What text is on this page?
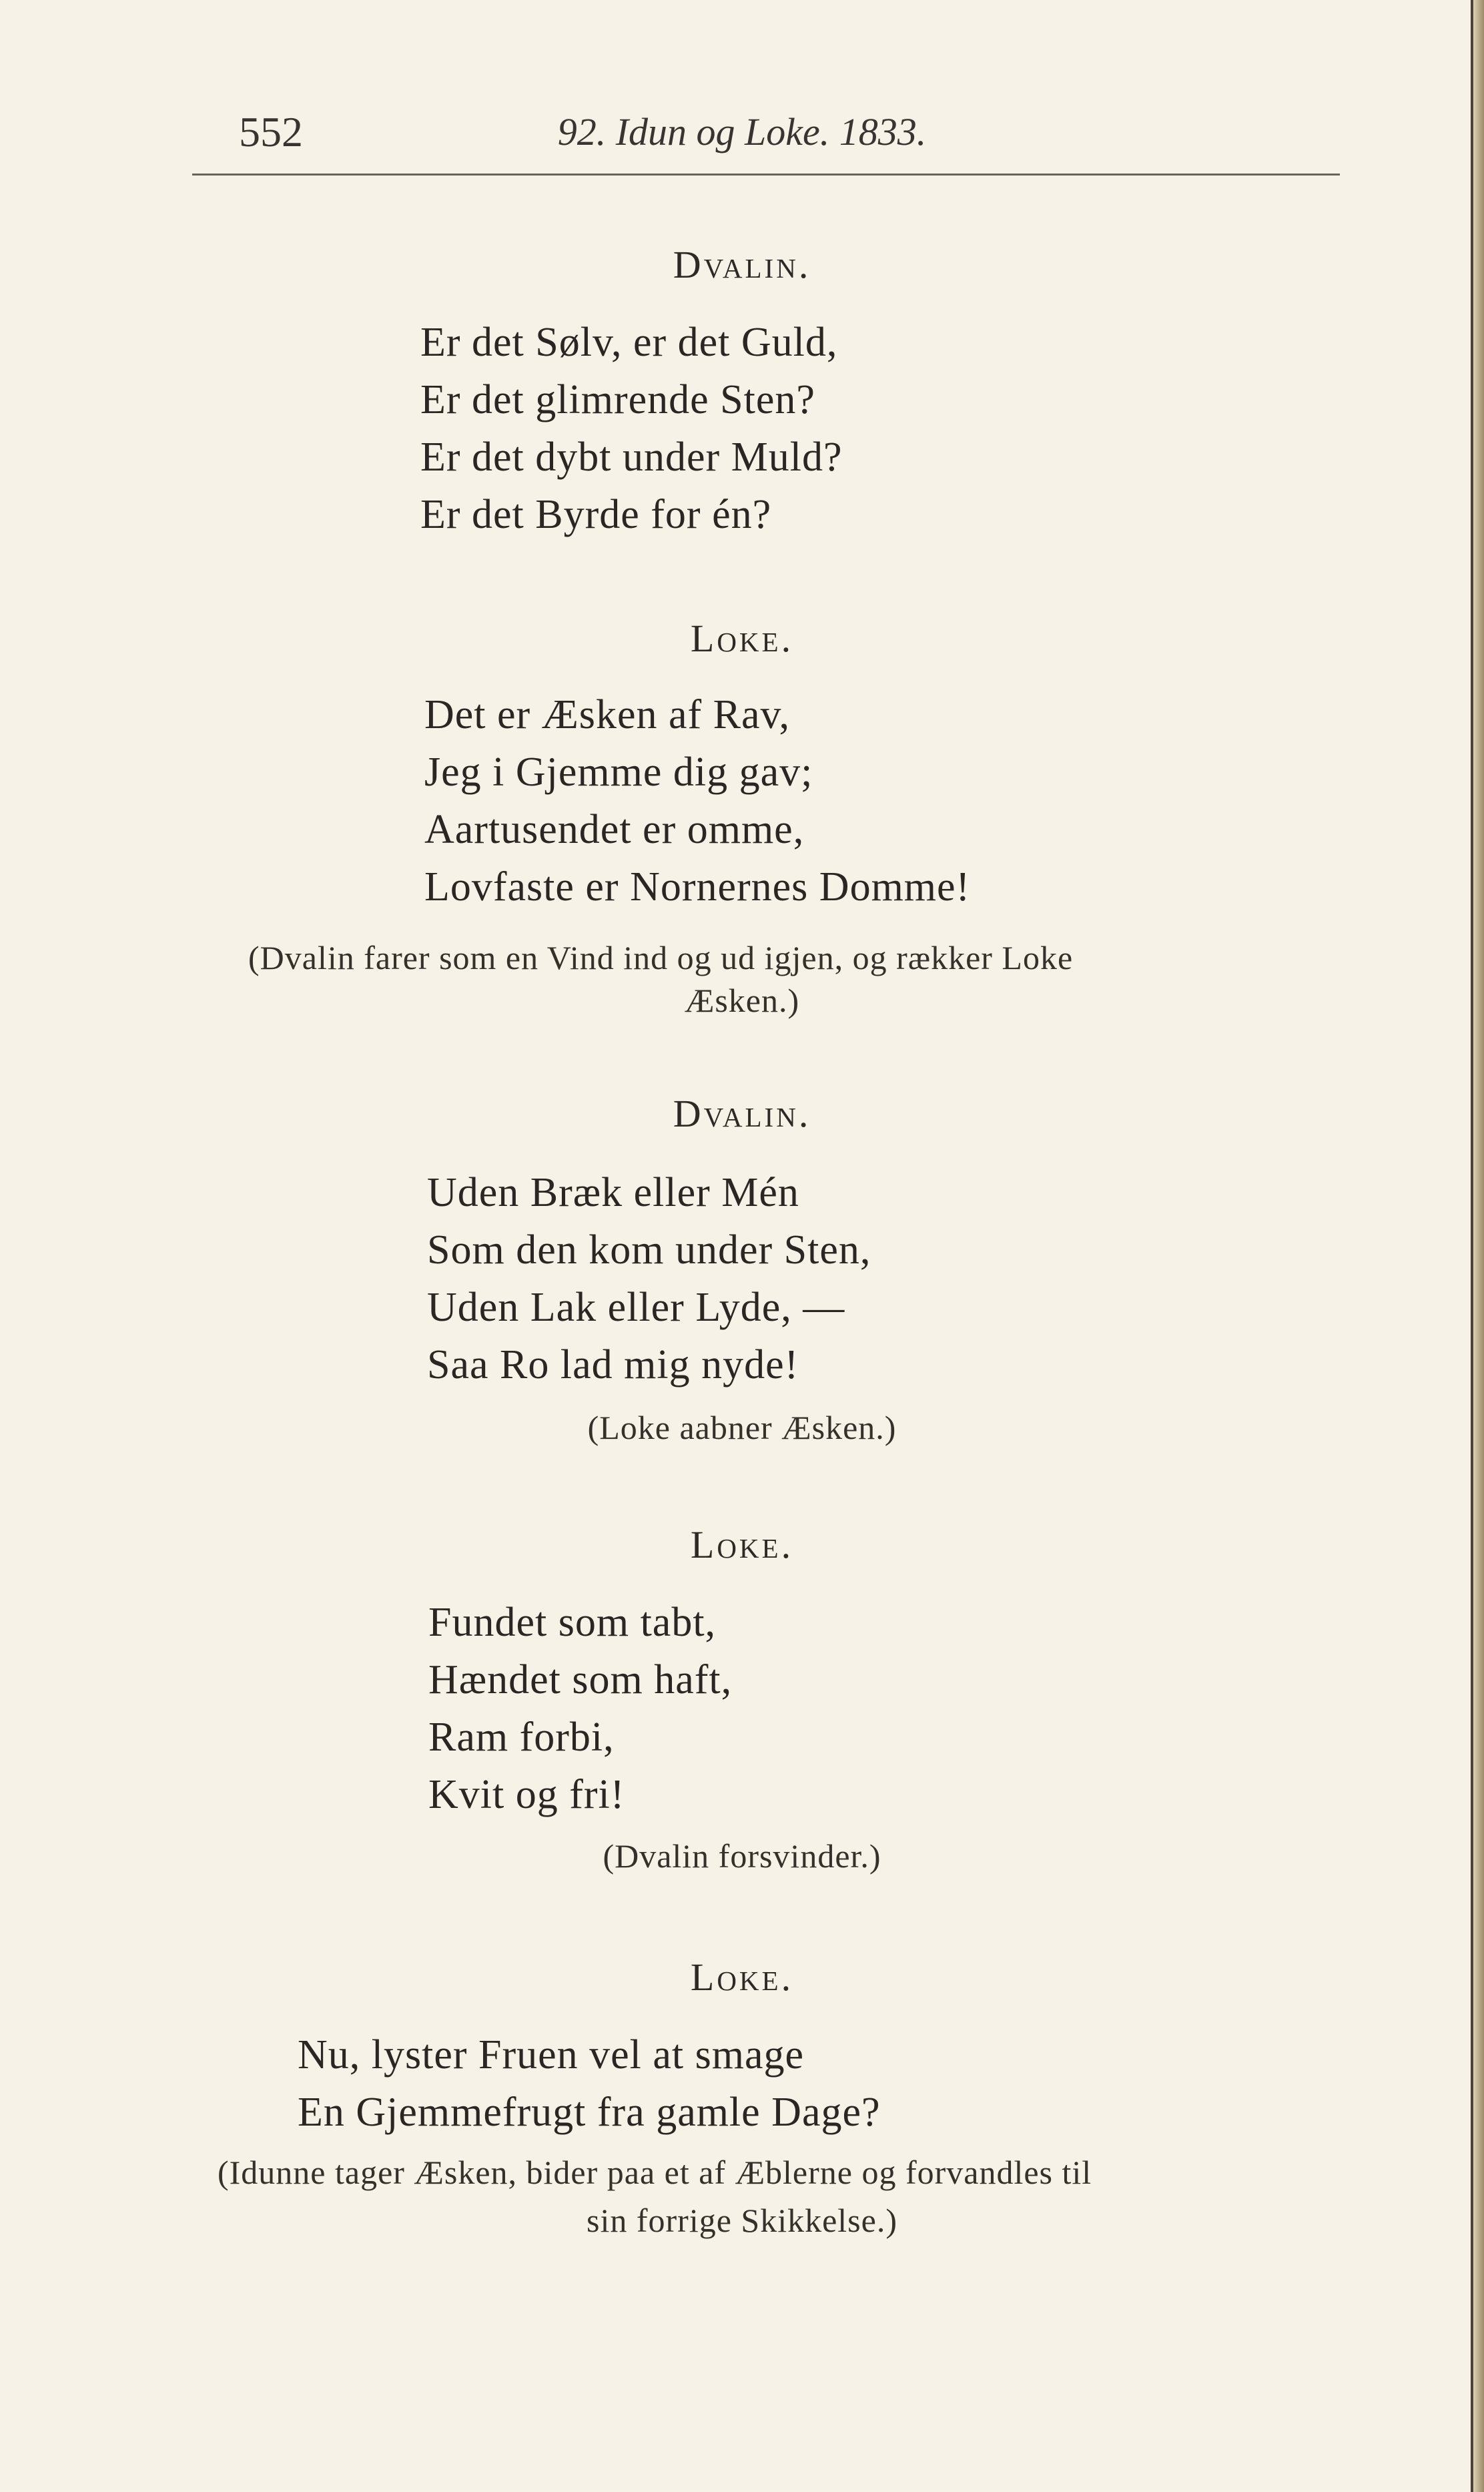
92. Idun og Loke. 1833.
552
Dvalin.
Er det Sølv, er det Guld,
Er det glimrende Sten?
Er det dybt under Muld?
Er det Byrde for én?
Loke.
Det er Æsken af Rav,
Jeg i Gjemme dig gav;
Aartusendet er omme,
Lovfaste er Nornernes Domme!
(Dvalin farer som en Vind ind og ud igjen, og rækker Loke
Æsken.)
Dvalin.
Uden Bræk eller Mén
Som den kom under Sten,
Uden Lak eller Lyde, —
Saa Ro lad mig nyde!
(Loke aabner Æsken.)
Loke.
Fundet som tabt,
Hændet som haft,
Ram forbi,
Kvit og fri!
(Dvalin forsvinder.)
Loke.
Nu, lyster Fruen vel at smage
En Gjemmefrugt fra gamle Dage?
(Idunne tager Æsken, bider paa et af Æblerne og forvandles til
sin forrige Skikkelse.)
